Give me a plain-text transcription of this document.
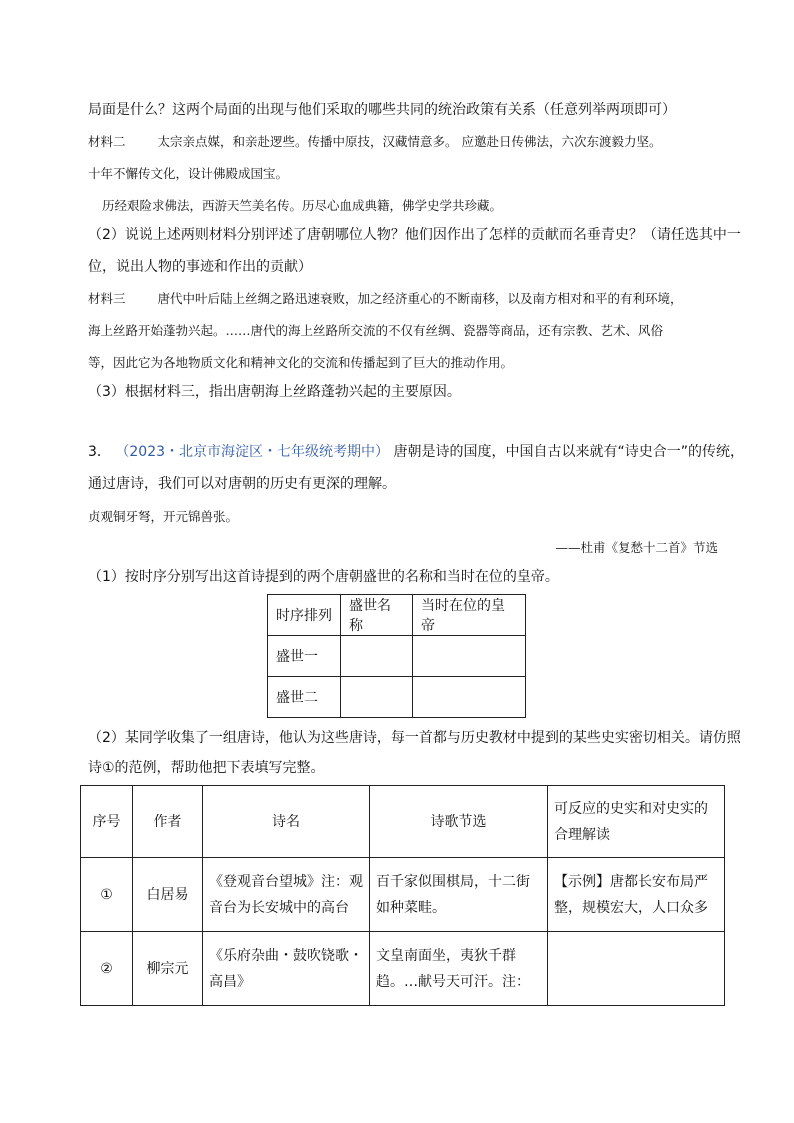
局面是什么？这两个局面的出现与他们采取的哪些共同的统治政策有关系（任意列举两项即可）
材料二	太宗亲点媒，和亲赴逻些。传播中原技，汉藏情意多。 应邀赴日传佛法，六次东渡毅力坚。
十年不懈传文化，设计佛殿成国宝。
历经艰险求佛法，西游天竺美名传。历尽心血成典籍，佛学史学共珍藏。
（2）说说上述两则材料分别评述了唐朝哪位人物？他们因作出了怎样的贡献而名垂青史？（请任选其中一
位，说出人物的事迹和作出的贡献）
材料三	唐代中叶后陆上丝绸之路迅速衰败，加之经济重心的不断南移，以及南方相对和平的有利环境，
海上丝路开始蓬勃兴起。……唐代的海上丝路所交流的不仅有丝绸、瓷器等商品，还有宗教、艺术、风俗
等，因此它为各地物质文化和精神文化的交流和传播起到了巨大的推动作用。
（3）根据材料三，指出唐朝海上丝路蓬勃兴起的主要原因。
3． （2023・北京市海淀区・七年级统考期中） 唐朝是诗的国度，中国自古以来就有“诗史合一”的传统，
通过唐诗，我们可以对唐朝的历史有更深的理解。
贞观铜牙弩，开元锦兽张。
——杜甫《复愁十二首》节选
（1）按时序分别写出这首诗提到的两个唐朝盛世的名称和当时在位的皇帝。
时序排列	盛世名称	当时在位的皇帝
盛世一		
盛世二		
（2）某同学收集了一组唐诗，他认为这些唐诗，每一首都与历史教材中提到的某些史实密切相关。请仿照
诗①的范例，帮助他把下表填写完整。
序号	作者	诗名	诗歌节选	可反应的史实和对史实的合理解读
①	白居易	《登观音台望城》注：观音台为长安城中的高台	百千家似围棋局，十二街如种菜畦。	【示例】唐都长安布局严整，规模宏大，人口众多
②	柳宗元	《乐府杂曲・鼓吹铙歌・高昌》	文皇南面坐，夷狄千群趋。…献号天可汗。注：	
